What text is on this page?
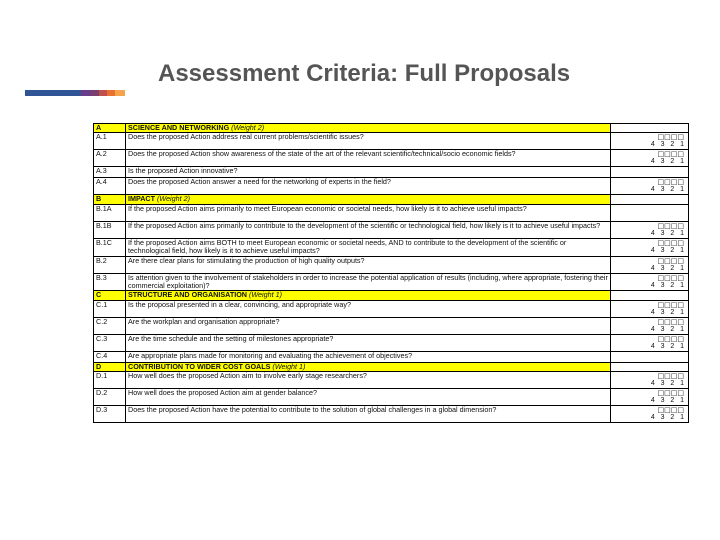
Assessment Criteria: Full Proposals
A	SCIENCE AND NETWORKING (Weight 2)	
A.1	Does the proposed Action address real current problems/scientific issues?	□□□□
4   3   2   1

A.2	Does the proposed Action show awareness of the state of the art of the relevant scientific/technical/socio economic fields?	□□□□
4   3   2   1

A.3	Is the proposed Action innovative?	
A.4	Does the proposed Action answer a need for the networking of experts in the field?	□□□□
4   3   2   1

B	IMPACT (Weight 2)	
B.1A	If the proposed Action aims primarily to meet European economic or societal needs, how likely is it to achieve useful impacts?	
B.1B	If the proposed Action aims primarily to contribute to the development of the scientific or technological field, how likely is it to achieve useful impacts?	□□□□
4   3   2   1

B.1C	If the proposed Action aims BOTH to meet European economic or societal needs, AND to contribute to the development of the scientific or technological field, how likely is it to achieve useful impacts?	□□□□
4   3   2   1

B.2	Are there clear plans for stimulating the production of high quality outputs?	□□□□
4   3   2   1

B.3	Is attention given to the involvement of stakeholders in order to increase the potential application of results (including, where appropriate, fostering their commercial exploitation)?	□□□□
4   3   2   1

C	STRUCTURE AND ORGANISATION (Weight 1)	
C.1	Is the proposal presented in a clear, convincing, and appropriate way?	□□□□
4   3   2   1

C.2	Are the workplan and organisation appropriate?	□□□□
4   3   2   1

C.3	Are the time schedule and the setting of milestones appropriate?	□□□□
4   3   2   1

C.4	Are appropriate plans made for monitoring and evaluating the achievement of objectives?	
D	CONTRIBUTION TO WIDER COST GOALS (Weight 1)	
D.1	How well does the proposed Action aim to involve early stage researchers?	□□□□
4   3   2   1

D.2	How well does the proposed Action aim at gender balance?	□□□□
4   3   2   1

D.3	Does the proposed Action have the potential to contribute to the solution of global challenges in a global dimension?	□□□□
4   3   2   1
